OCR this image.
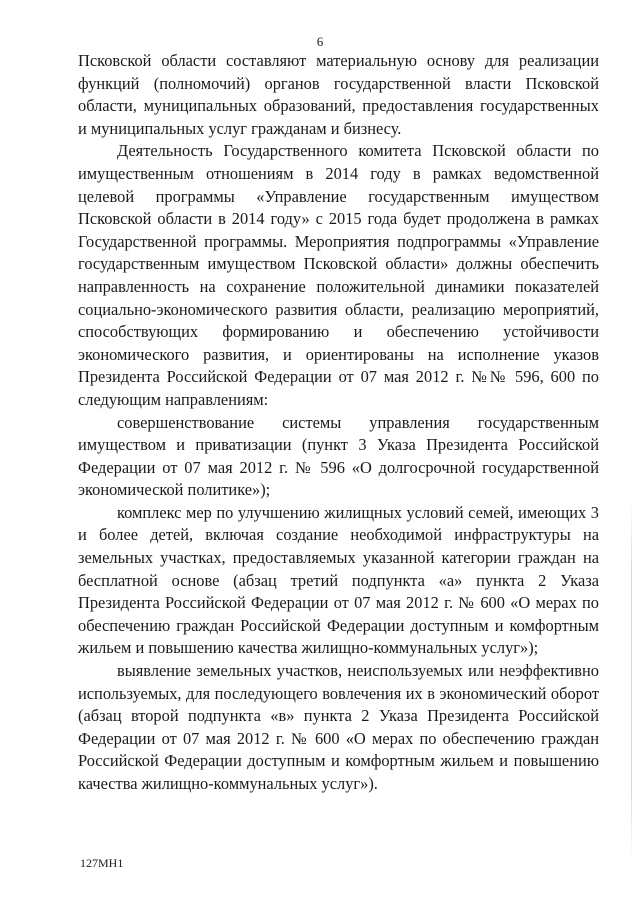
6

Псковской области составляют материальную основу для реализации функций (полномочий) органов государственной власти Псковской области, муниципальных образований, предоставления государственных и муниципальных услуг гражданам и бизнесу.

Деятельность Государственного комитета Псковской области по имущественным отношениям в 2014 году в рамках ведомственной целевой программы «Управление государственным имуществом Псковской области в 2014 году» с 2015 года будет продолжена в рамках Государственной программы. Мероприятия подпрограммы «Управление государственным имуществом Псковской области» должны обеспечить направленность на сохранение положительной динамики показателей социально-экономического развития области, реализацию мероприятий, способствующих формированию и обеспечению устойчивости экономического развития, и ориентированы на исполнение указов Президента Российской Федерации от 07 мая 2012 г. №№ 596, 600 по следующим направлениям:

совершенствование системы управления государственным имуществом и приватизации (пункт 3 Указа Президента Российской Федерации от 07 мая 2012 г. № 596 «О долгосрочной государственной экономической политике»);

комплекс мер по улучшению жилищных условий семей, имеющих 3 и более детей, включая создание необходимой инфраструктуры на земельных участках, предоставляемых указанной категории граждан на бесплатной основе (абзац третий подпункта «а» пункта 2 Указа Президента Российской Федерации от 07 мая 2012 г. № 600 «О мерах по обеспечению граждан Российской Федерации доступным и комфортным жильем и повышению качества жилищно-коммунальных услуг»);

выявление земельных участков, неиспользуемых или неэффективно используемых, для последующего вовлечения их в экономический оборот (абзац второй подпункта «в» пункта 2 Указа Президента Российской Федерации от 07 мая 2012 г. № 600 «О мерах по обеспечению граждан Российской Федерации доступным и комфортным жильем и повышению качества жилищно-коммунальных услуг»).

127МН1
